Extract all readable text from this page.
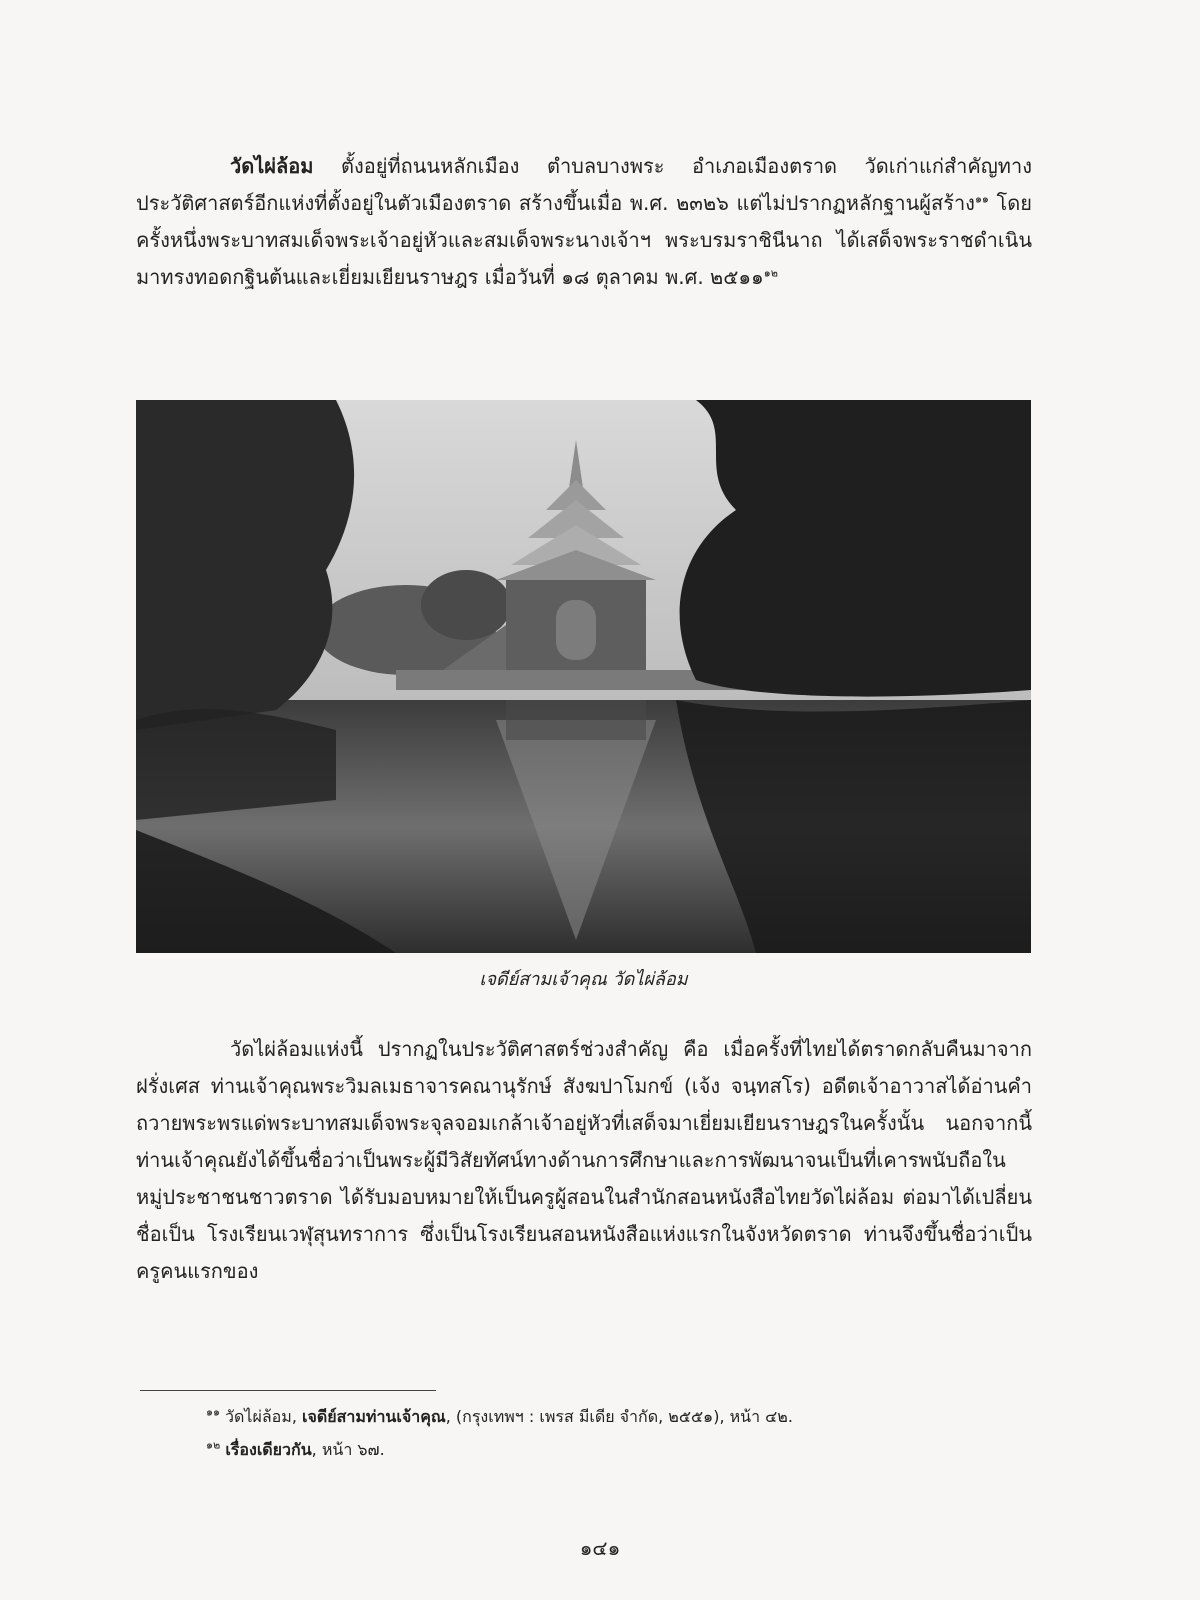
วัดไผ่ล้อม ตั้งอยู่ที่ถนนหลักเมือง ตำบลบางพระ อำเภอเมืองตราด วัดเก่าแก่สำคัญทางประวัติศาสตร์อีกแห่งที่ตั้งอยู่ในตัวเมืองตราด สร้างขึ้นเมื่อ พ.ศ. ๒๓๒๖ แต่ไม่ปรากฏหลักฐานผู้สร้าง$^{๑๑}$ โดยครั้งหนึ่งพระบาทสมเด็จพระเจ้าอยู่หัวและสมเด็จพระนางเจ้าฯ พระบรมราชินีนาถ ได้เสด็จพระราชดำเนินมาทรงทอดกฐินต้นและเยี่ยมเยียนราษฎร เมื่อวันที่ ๑๘ ตุลาคม พ.ศ. ๒๕๑๑$^{๑๒}$

เจดีย์สามเจ้าคุณ วัดไผ่ล้อม

วัดไผ่ล้อมแห่งนี้ ปรากฏในประวัติศาสตร์ช่วงสำคัญ คือ เมื่อครั้งที่ไทยได้ตราดกลับคืนมาจากฝรั่งเศส ท่านเจ้าคุณพระวิมลเมธาจารคณานุรักษ์ สังฆปาโมกข์ (เจ้ง จนฺทสโร) อดีตเจ้าอาวาสได้อ่านคำถวายพระพรแด่พระบาทสมเด็จพระจุลจอมเกล้าเจ้าอยู่หัวที่เสด็จมาเยี่ยมเยียนราษฎรในครั้งนั้น นอกจากนี้ ท่านเจ้าคุณยังได้ขึ้นชื่อว่าเป็นพระผู้มีวิสัยทัศน์ทางด้านการศึกษาและการพัฒนาจนเป็นที่เคารพนับถือในหมู่ประชาชนชาวตราด ได้รับมอบหมายให้เป็นครูผู้สอนในสำนักสอนหนังสือไทยวัดไผ่ล้อม ต่อมาได้เปลี่ยนชื่อเป็น โรงเรียนเวฬุสุนทราการ ซึ่งเป็นโรงเรียนสอนหนังสือแห่งแรกในจังหวัดตราด ท่านจึงขึ้นชื่อว่าเป็นครูคนแรกของ

$^{๑๑}$ วัดไผ่ล้อม, เจดีย์สามท่านเจ้าคุณ, (กรุงเทพฯ : เพรส มีเดีย จำกัด, ๒๕๕๑), หน้า ๔๒.

$^{๑๒}$ เรื่องเดียวกัน, หน้า ๖๗.

๑๔๑
